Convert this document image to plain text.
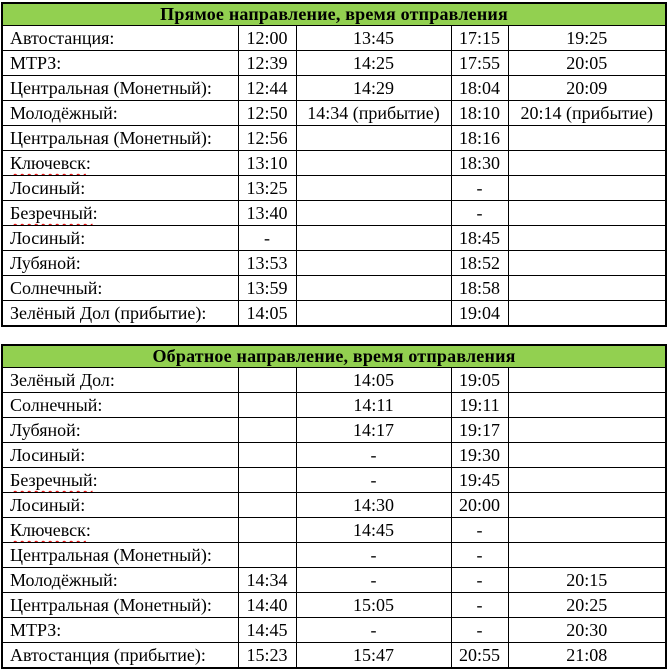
Прямое направление, время отправления				
Автостанция:	12:00	13:45	17:15	19:25
МТРЗ:	12:39	14:25	17:55	20:05
Центральная (Монетный):	12:44	14:29	18:04	20:09
Молодёжный:	12:50	14:34 (прибытие)	18:10	20:14 (прибытие)
Центральная (Монетный):	12:56		18:16	
Ключевск:	13:10		18:30	
Лосиный:	13:25		-	
Безречный:	13:40		-	
Лосиный:	-		18:45	
Лубяной:	13:53		18:52	
Солнечный:	13:59		18:58	
Зелёный Дол (прибытие):	14:05		19:04	
Обратное направление, время отправления				
Зелёный Дол:		14:05	19:05	
Солнечный:		14:11	19:11	
Лубяной:		14:17	19:17	
Лосиный:		-	19:30	
Безречный:		-	19:45	
Лосиный:		14:30	20:00	
Ключевск:		14:45	-	
Центральная (Монетный):		-	-	
Молодёжный:	14:34	-	-	20:15
Центральная (Монетный):	14:40	15:05	-	20:25
МТРЗ:	14:45	-	-	20:30
Автостанция (прибытие):	15:23	15:47	20:55	21:08
